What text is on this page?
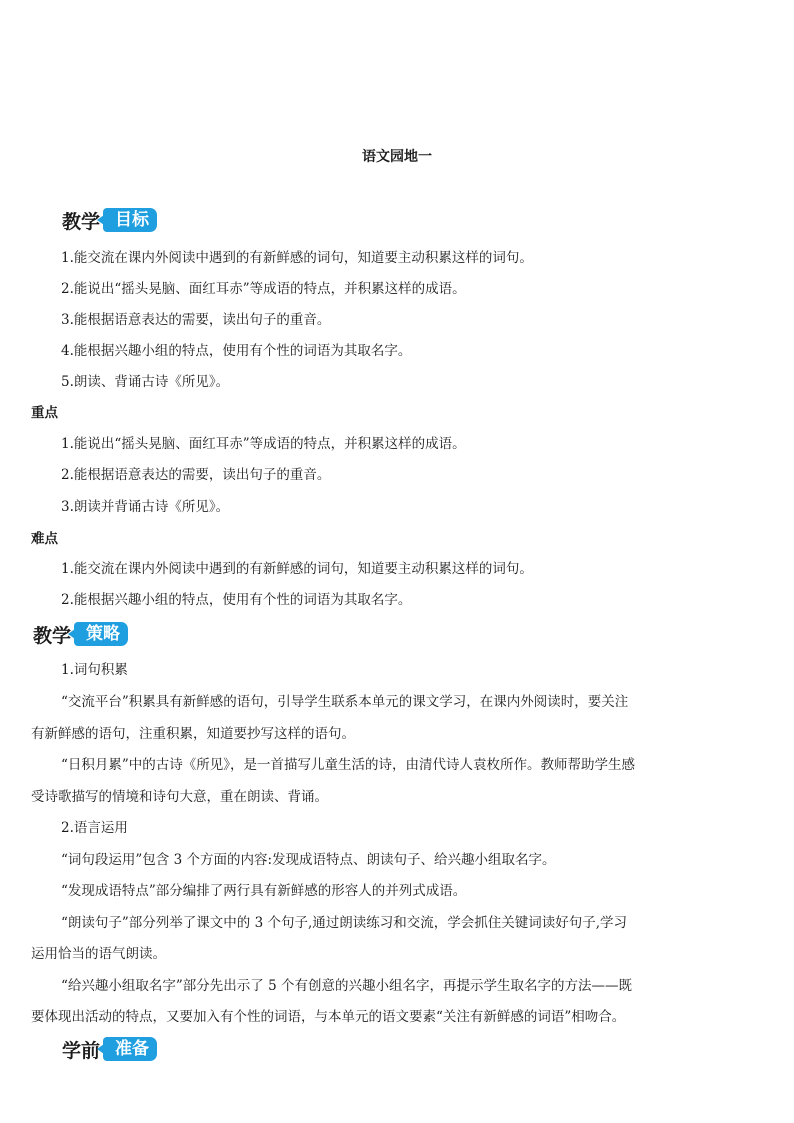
语文园地一
教学 目标
1.能交流在课内外阅读中遇到的有新鲜感的词句，知道要主动积累这样的词句。
2.能说出“摇头晃脑、面红耳赤”等成语的特点，并积累这样的成语。
3.能根据语意表达的需要，读出句子的重音。
4.能根据兴趣小组的特点，使用有个性的词语为其取名字。
5.朗读、背诵古诗《所见》。
重点
1.能说出“摇头晃脑、面红耳赤”等成语的特点，并积累这样的成语。
2.能根据语意表达的需要，读出句子的重音。
3.朗读并背诵古诗《所见》。
难点
1.能交流在课内外阅读中遇到的有新鲜感的词句，知道要主动积累这样的词句。
2.能根据兴趣小组的特点，使用有个性的词语为其取名字。
教学 策略
1.词句积累
“交流平台”积累具有新鲜感的语句，引导学生联系本单元的课文学习，在课内外阅读时，要关注
有新鲜感的语句，注重积累，知道要抄写这样的语句。
“日积月累”中的古诗《所见》，是一首描写儿童生活的诗，由清代诗人袁枚所作。教师帮助学生感
受诗歌描写的情境和诗句大意，重在朗读、背诵。
2.语言运用
“词句段运用”包含 3 个方面的内容:发现成语特点、朗读句子、给兴趣小组取名字。
“发现成语特点”部分编排了两行具有新鲜感的形容人的并列式成语。
“朗读句子”部分列举了课文中的 3 个句子,通过朗读练习和交流，学会抓住关键词读好句子,学习
运用恰当的语气朗读。
“给兴趣小组取名字”部分先出示了 5 个有创意的兴趣小组名字，再提示学生取名字的方法——既
要体现出活动的特点，又要加入有个性的词语，与本单元的语文要素“关注有新鲜感的词语”相吻合。
学前 准备
